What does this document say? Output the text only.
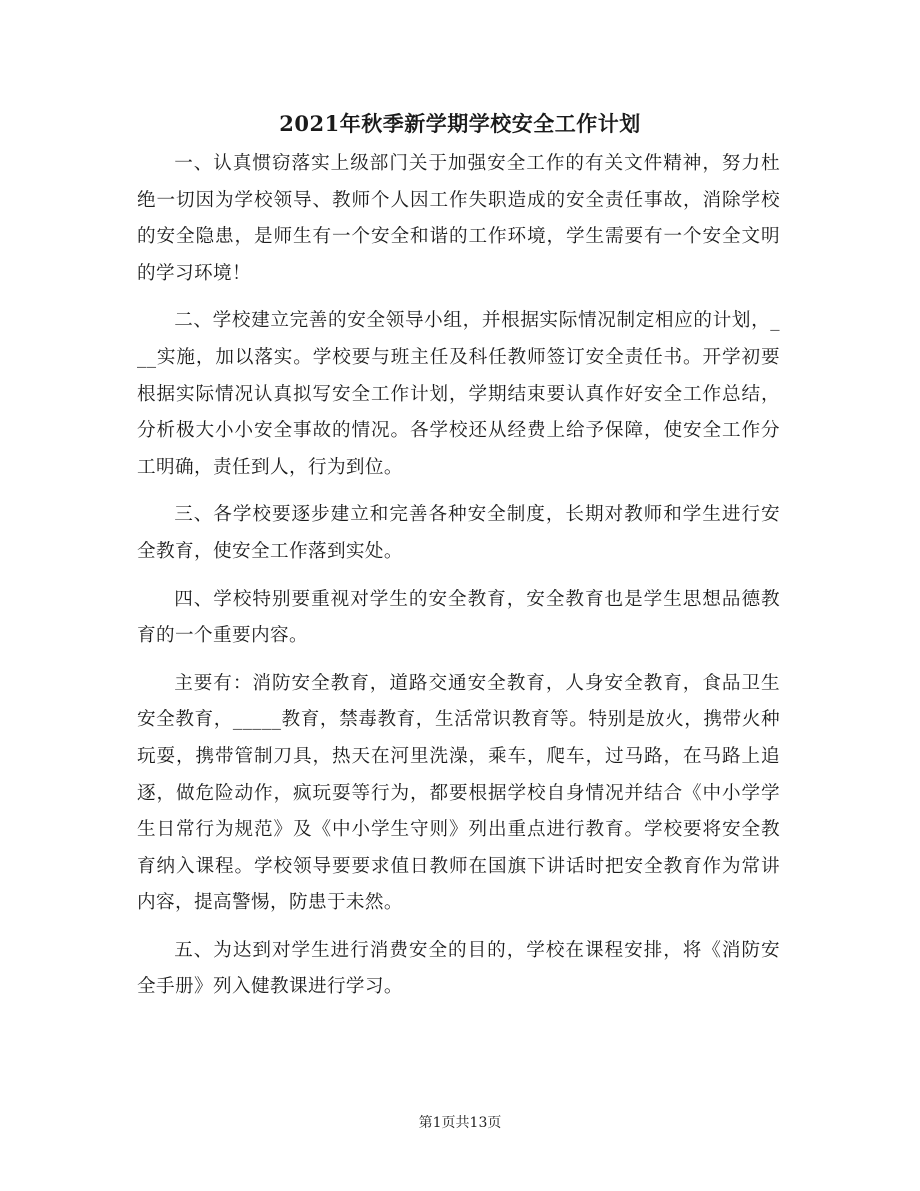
2021年秋季新学期学校安全工作计划

一、认真惯窃落实上级部门关于加强安全工作的有关文件精神，努力杜绝一切因为学校领导、教师个人因工作失职造成的安全责任事故，消除学校的安全隐患，是师生有一个安全和谐的工作环境，学生需要有一个安全文明的学习环境！

二、学校建立完善的安全领导小组，并根据实际情况制定相应的计划，___实施，加以落实。学校要与班主任及科任教师签订安全责任书。开学初要根据实际情况认真拟写安全工作计划，学期结束要认真作好安全工作总结，分析极大小小安全事故的情况。各学校还从经费上给予保障，使安全工作分工明确，责任到人，行为到位。

三、各学校要逐步建立和完善各种安全制度，长期对教师和学生进行安全教育，使安全工作落到实处。

四、学校特别要重视对学生的安全教育，安全教育也是学生思想品德教育的一个重要内容。

主要有：消防安全教育，道路交通安全教育，人身安全教育，食品卫生安全教育，_____教育，禁毒教育，生活常识教育等。特别是放火，携带火种玩耍，携带管制刀具，热天在河里洗澡，乘车，爬车，过马路，在马路上追逐，做危险动作，疯玩耍等行为，都要根据学校自身情况并结合《中小学学生日常行为规范》及《中小学生守则》列出重点进行教育。学校要将安全教育纳入课程。学校领导要要求值日教师在国旗下讲话时把安全教育作为常讲内容，提高警惕，防患于未然。

五、为达到对学生进行消费安全的目的，学校在课程安排，将《消防安全手册》列入健教课进行学习。

第1页共13页
